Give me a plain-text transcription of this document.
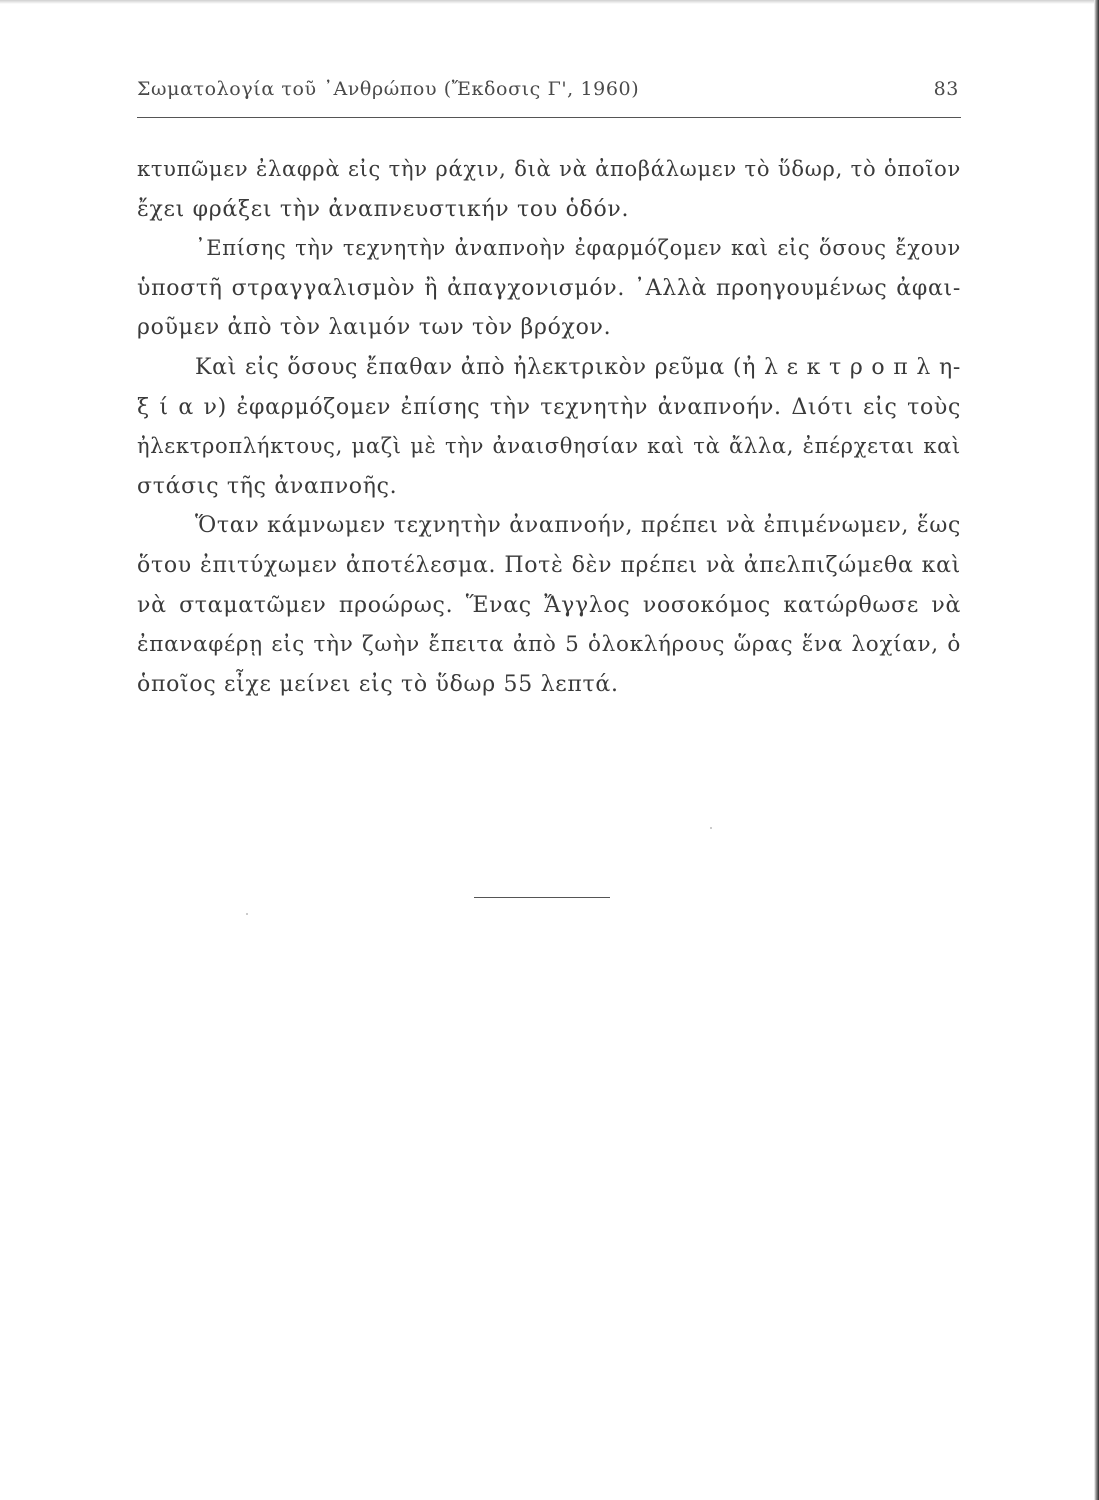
Σωματολογία τοῦ ᾿Ανθρώπου (Ἔκδοσις Γ', 1960)	83
κτυπῶμεν ἐλαφρὰ εἰς τὴν ράχιν, διὰ νὰ ἀποβάλωμεν τὸ ὕδωρ, τὸ ὁποῖον
ἔχει φράξει τὴν ἀναπνευστικήν του ὁδόν.
᾿Επίσης τὴν τεχνητὴν ἀναπνοὴν ἐφαρμόζομεν καὶ εἰς ὅσους ἔχουν
ὑποστῆ στραγγαλισμὸν ἢ ἀπαγχονισμόν. ᾿Αλλὰ προηγουμένως ἀφαι-
ροῦμεν ἀπὸ τὸν λαιμόν των τὸν βρόχον.
Καὶ εἰς ὅσους ἔπαθαν ἀπὸ ἠλεκτρικὸν ρεῦμα (ἠ λ ε κ τ ρ ο π λ η-
ξ ί α ν) ἐφαρμόζομεν ἐπίσης τὴν τεχνητὴν ἀναπνοήν. Διότι εἰς τοὺς
ἠλεκτροπλήκτους, μαζὶ μὲ τὴν ἀναισθησίαν καὶ τὰ ἄλλα, ἐπέρχεται καὶ
στάσις τῆς ἀναπνοῆς.
Ὅταν κάμνωμεν τεχνητὴν ἀναπνοήν, πρέπει νὰ ἐπιμένωμεν, ἕως
ὅτου ἐπιτύχωμεν ἀποτέλεσμα. Ποτὲ δὲν πρέπει νὰ ἀπελπιζώμεθα καὶ
νὰ σταματῶμεν προώρως. Ἕνας Ἄγγλος νοσοκόμος κατώρθωσε νὰ
ἐπαναφέρῃ εἰς τὴν ζωὴν ἔπειτα ἀπὸ 5 ὁλοκλήρους ὥρας ἕνα λοχίαν, ὁ
ὁποῖος εἶχε μείνει εἰς τὸ ὕδωρ 55 λεπτά.
